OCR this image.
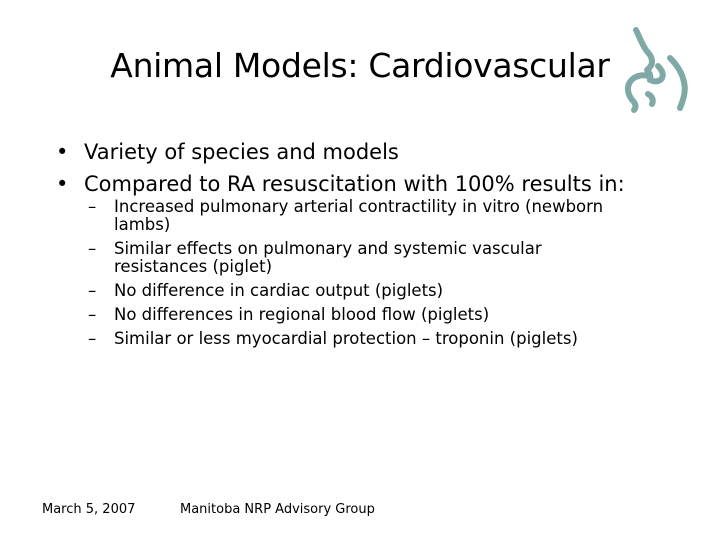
Animal Models: Cardiovascular
• Variety of species and models
• Compared to RA resuscitation with 100% results in:
– Increased pulmonary arterial contractility in vitro (newborn lambs)
– Similar effects on pulmonary and systemic vascular resistances (piglet)
– No difference in cardiac output (piglets)
– No differences in regional blood flow (piglets)
– Similar or less myocardial protection – troponin (piglets)
March 5, 2007	Manitoba NRP Advisory Group
